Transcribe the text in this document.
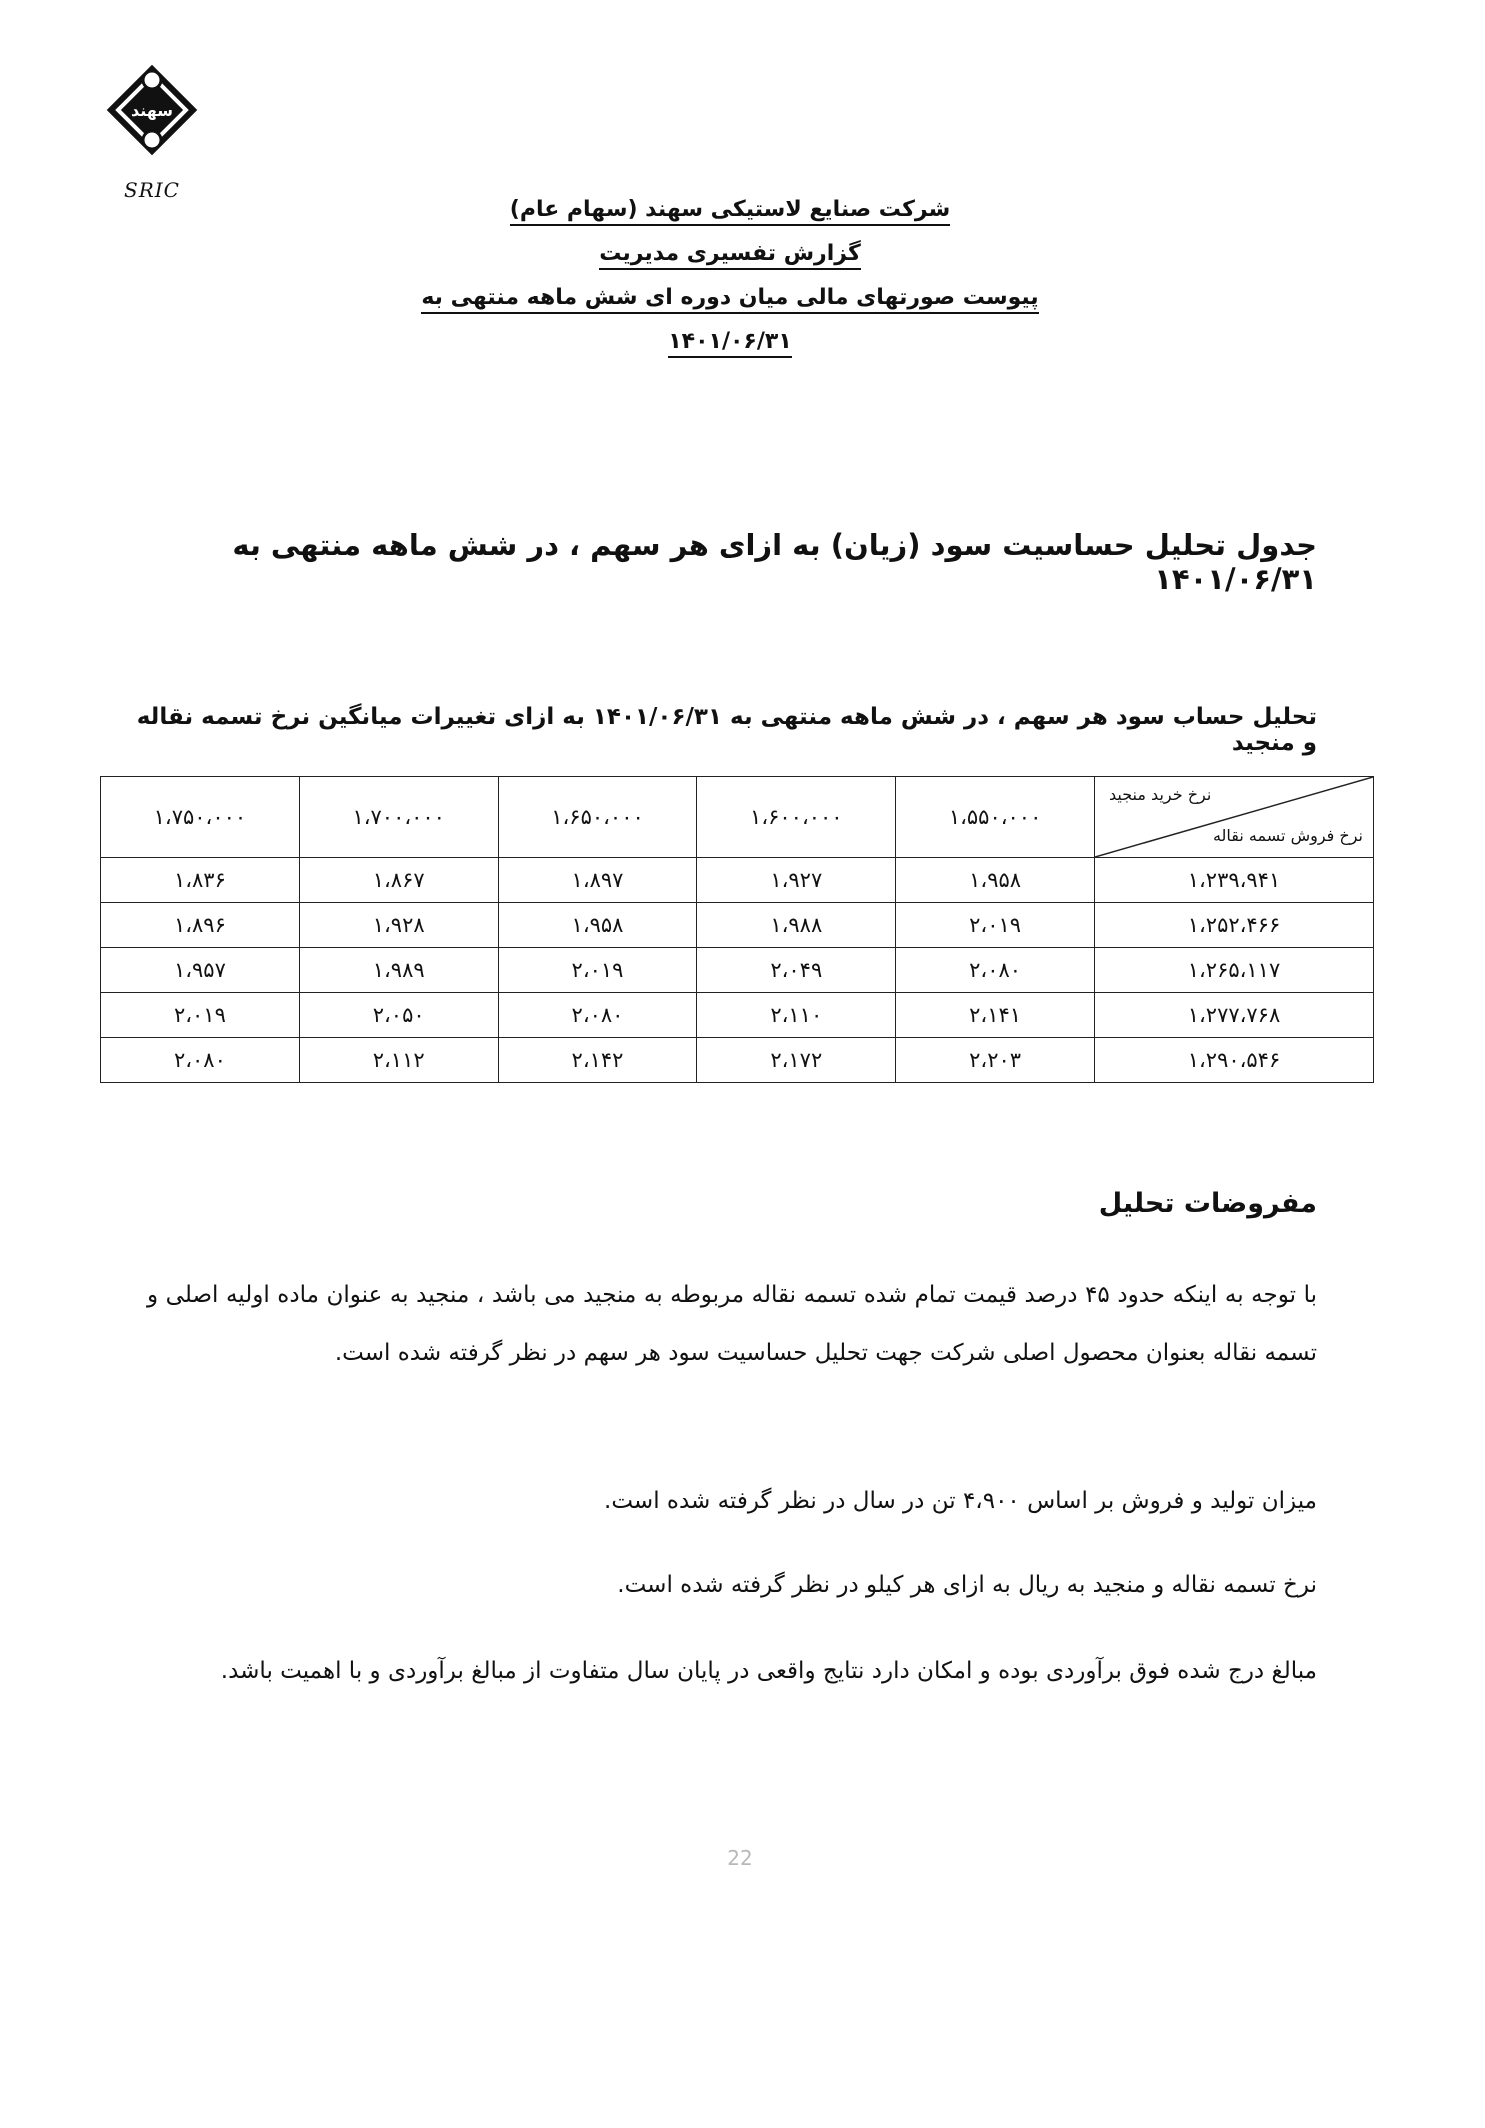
سهند
SRIC
شرکت صنایع لاستیکی سهند (سهام عام)
گزارش تفسیری مدیریت
پیوست صورتهای مالی میان دوره ای شش ماهه منتهی به ۱۴۰۱/۰۶/۳۱
جدول تحلیل حساسیت سود (زیان) به ازای هر سهم ، در شش ماهه منتهی به ۱۴۰۱/۰۶/۳۱
تحلیل حساب سود هر سهم ، در شش ماهه منتهی به ۱۴۰۱/۰۶/۳۱ به ازای تغییرات میانگین نرخ تسمه نقاله و منجید
نرخ خرید منجید
نرخ فروش تسمه نقاله	۱،۵۵۰،۰۰۰	۱،۶۰۰،۰۰۰	۱،۶۵۰،۰۰۰	۱،۷۰۰،۰۰۰	۱،۷۵۰،۰۰۰
۱،۲۳۹،۹۴۱	۱،۹۵۸	۱،۹۲۷	۱،۸۹۷	۱،۸۶۷	۱،۸۳۶
۱،۲۵۲،۴۶۶	۲،۰۱۹	۱،۹۸۸	۱،۹۵۸	۱،۹۲۸	۱،۸۹۶
۱،۲۶۵،۱۱۷	۲،۰۸۰	۲،۰۴۹	۲،۰۱۹	۱،۹۸۹	۱،۹۵۷
۱،۲۷۷،۷۶۸	۲،۱۴۱	۲،۱۱۰	۲،۰۸۰	۲،۰۵۰	۲،۰۱۹
۱،۲۹۰،۵۴۶	۲،۲۰۳	۲،۱۷۲	۲،۱۴۲	۲،۱۱۲	۲،۰۸۰
مفروضات تحلیل
با توجه به اینکه حدود ۴۵ درصد قیمت تمام شده تسمه نقاله مربوطه به منجید می باشد ، منجید به عنوان ماده اولیه اصلی و تسمه نقاله بعنوان محصول اصلی شرکت جهت تحلیل حساسیت سود هر سهم در نظر گرفته شده است.
میزان تولید و فروش بر اساس ۴،۹۰۰ تن در سال در نظر گرفته شده است.
نرخ تسمه نقاله و منجید به ریال به ازای هر کیلو در نظر گرفته شده است.
مبالغ درج شده فوق برآوردی بوده و امکان دارد نتایج واقعی در پایان سال متفاوت از مبالغ برآوردی و با اهمیت باشد.
22
